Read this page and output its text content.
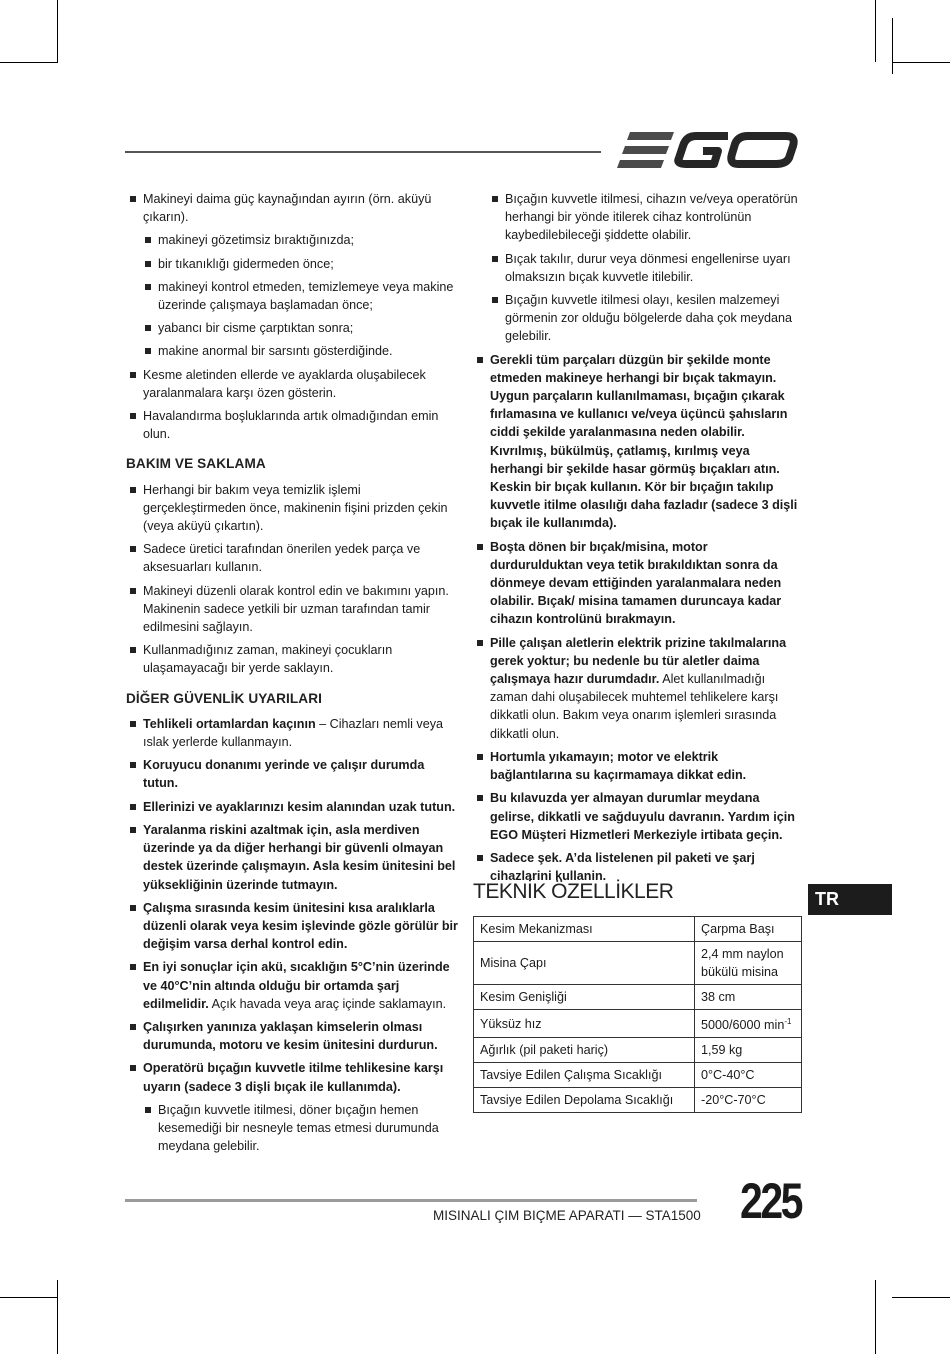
Makineyi daima güç kaynağından ayırın (örn. aküyü çıkarın).
makineyi gözetimsiz bıraktığınızda;
bir tıkanıklığı gidermeden önce;
makineyi kontrol etmeden, temizlemeye veya makine üzerinde çalışmaya başlamadan önce;
yabancı bir cisme çarptıktan sonra;
makine anormal bir sarsıntı gösterdiğinde.
Kesme aletinden ellerde ve ayaklarda oluşabilecek yaralanmalara karşı özen gösterin.
Havalandırma boşluklarında artık olmadığından emin olun.
BAKIM VE SAKLAMA
Herhangi bir bakım veya temizlik işlemi gerçekleştirmeden önce, makinenin fişini prizden çekin (veya aküyü çıkartın).
Sadece üretici tarafından önerilen yedek parça ve aksesuarları kullanın.
Makineyi düzenli olarak kontrol edin ve bakımını yapın. Makinenin sadece yetkili bir uzman tarafından tamir edilmesini sağlayın.
Kullanmadığınız zaman, makineyi çocukların ulaşamayacağı bir yerde saklayın.
DİĞER GÜVENLİK UYARILARI
Tehlikeli ortamlardan kaçının – Cihazları nemli veya ıslak yerlerde kullanmayın.
Koruyucu donanımı yerinde ve çalışır durumda tutun.
Ellerinizi ve ayaklarınızı kesim alanından uzak tutun.
Yaralanma riskini azaltmak için, asla merdiven üzerinde ya da diğer herhangi bir güvenli olmayan destek üzerinde çalışmayın. Asla kesim ünitesini bel yüksekliğinin üzerinde tutmayın.
Çalışma sırasında kesim ünitesini kısa aralıklarla düzenli olarak veya kesim işlevinde gözle görülür bir değişim varsa derhal kontrol edin.
En iyi sonuçlar için akü, sıcaklığın 5°C’nin üzerinde ve 40°C’nin altında olduğu bir ortamda şarj edilmelidir. Açık havada veya araç içinde saklamayın.
Çalışırken yanınıza yaklaşan kimselerin olması durumunda, motoru ve kesim ünitesini durdurun.
Operatörü bıçağın kuvvetle itilme tehlikesine karşı uyarın (sadece 3 dişli bıçak ile kullanımda).
Bıçağın kuvvetle itilmesi, döner bıçağın hemen kesemediği bir nesneyle temas etmesi durumunda meydana gelebilir.
Bıçağın kuvvetle itilmesi, cihazın ve/veya operatörün herhangi bir yönde itilerek cihaz kontrolünün kaybedilebileceği şiddette olabilir.
Bıçak takılır, durur veya dönmesi engellenirse uyarı olmaksızın bıçak kuvvetle itilebilir.
Bıçağın kuvvetle itilmesi olayı, kesilen malzemeyi görmenin zor olduğu bölgelerde daha çok meydana gelebilir.
Gerekli tüm parçaları düzgün bir şekilde monte etmeden makineye herhangi bir bıçak takmayın. Uygun parçaların kullanılmaması, bıçağın çıkarak fırlamasına ve kullanıcı ve/veya üçüncü şahısların ciddi şekilde yaralanmasına neden olabilir. Kıvrılmış, bükülmüş, çatlamış, kırılmış veya herhangi bir şekilde hasar görmüş bıçakları atın. Keskin bir bıçak kullanın. Kör bir bıçağın takılıp kuvvetle itilme olasılığı daha fazladır (sadece 3 dişli bıçak ile kullanımda).
Boşta dönen bir bıçak/misina, motor durdurulduktan veya tetik bırakıldıktan sonra da dönmeye devam ettiğinden yaralanmalara neden olabilir. Bıçak/ misina tamamen duruncaya kadar cihazın kontrolünü bırakmayın.
Pille çalışan aletlerin elektrik prizine takılmalarına gerek yoktur; bu nedenle bu tür aletler daima çalışmaya hazır durumdadır. Alet kullanılmadığı zaman dahi oluşabilecek muhtemel tehlikelere karşı dikkatli olun. Bakım veya onarım işlemleri sırasında dikkatli olun.
Hortumla yıkamayın; motor ve elektrik bağlantılarına su kaçırmamaya dikkat edin.
Bu kılavuzda yer almayan durumlar meydana gelirse, dikkatli ve sağduyulu davranın. Yardım için EGO Müşteri Hizmetleri Merkeziyle irtibata geçin.
Sadece şek. A’da listelenen pil paketi ve şarj cihazlarini kullanin.
TEKNİK ÖZELLİKLER	TR
Kesim Mekanizması	Çarpma Başı
Misina Çapı	2,4 mm naylon bükülü misina
Kesim Genişliği	38 cm
Yüksüz hız	5000/6000 $\min^{-1}$
Ağırlık (pil paketi hariç)	1,59 kg
Tavsiye Edilen Çalışma Sıcaklığı	0°C-40°C
Tavsiye Edilen Depolama Sıcaklığı	-20°C-70°C
MISINALI ÇIM BIÇME APARATI — STA1500 225
